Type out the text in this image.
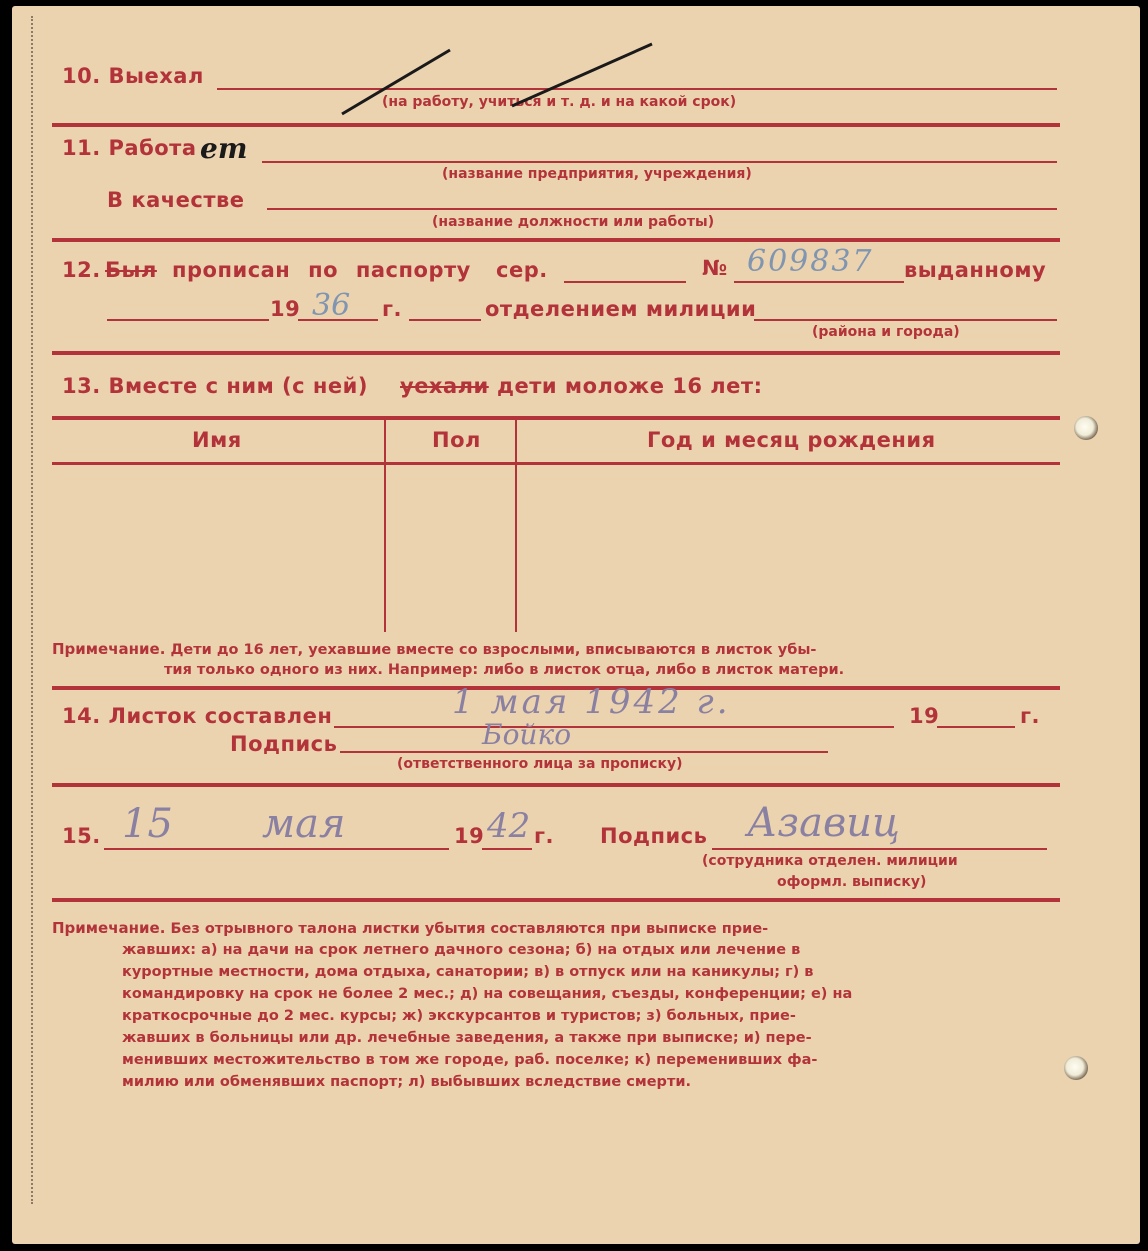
10. Выехал
(на работу, учиться и т. д. и на какой срок)
11. Работа ет
(название предприятия, учреждения)
В качестве
(название должности или работы)
12. Был прописан по паспорту сер.	№ 609837 выданному
19 36 г.	отделением милиции
(района и города)
13. Вместе с ним (с ней) уехали дети моложе 16 лет:
Имя	Пол	Год и месяц рождения
Примечание. Дети до 16 лет, уехавшие вместе со взрослыми, вписываются в листок убы-
тия только одного из них. Например: либо в листок отца, либо в листок матери.
14. Листок составлен	1 мая 1942 г.	19	г.
Подпись	Бойко
(ответственного лица за прописку)
15. 15 мая	19 42 г. Подпись Азавиц
(сотрудника отделен. милиции
оформл. выписку)
Примечание. Без отрывного талона листки убытия составляются при выписке прие-
жавших: а) на дачи на срок летнего дачного сезона; б) на отдых или лечение в
курортные местности, дома отдыха, санатории; в) в отпуск или на каникулы; г) в
командировку на срок не более 2 мес.; д) на совещания, съезды, конференции; е) на
краткосрочные до 2 мес. курсы; ж) экскурсантов и туристов; з) больных, прие-
жавших в больницы или др. лечебные заведения, а также при выписке; и) пере-
менивших местожительство в том же городе, раб. поселке; к) переменивших фа-
милию или обменявших паспорт; л) выбывших вследствие смерти.
